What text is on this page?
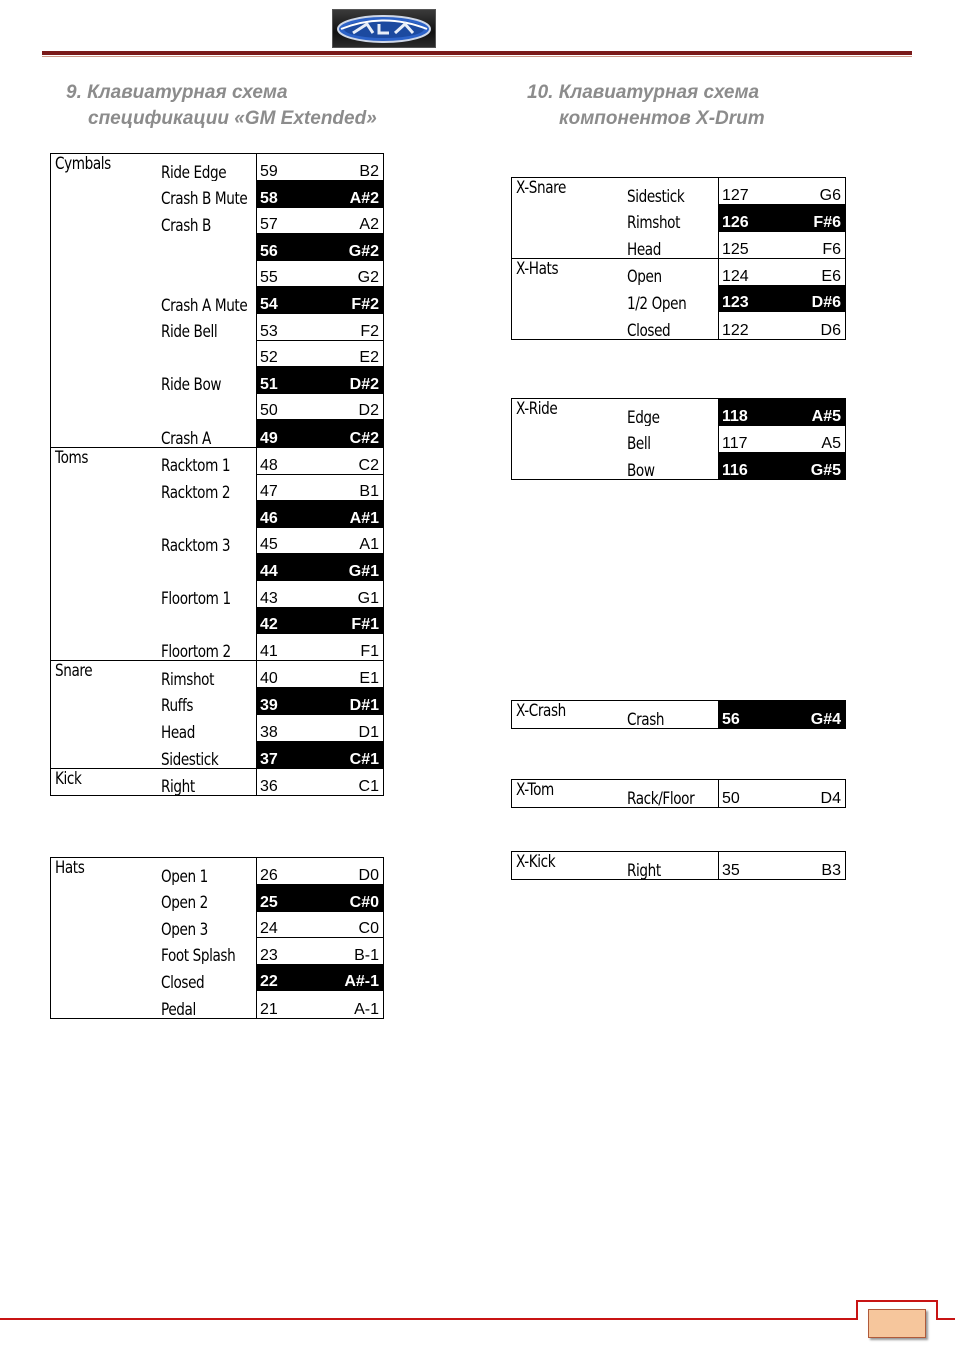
9. Клавиатурная схема
спецификации «GM Extended»
10. Клавиатурная схема
компонентов X-Drum
Cymbals	Ride Edge	59	B2
	Crash B Mute	58	A#2
	Crash B	57	A2
		56	G#2
		55	G2
	Crash A Mute	54	F#2
	Ride Bell	53	F2
		52	E2
	Ride Bow	51	D#2
		50	D2
	Crash A	49	C#2
Toms	Racktom 1	48	C2
	Racktom 2	47	B1
		46	A#1
	Racktom 3	45	A1
		44	G#1
	Floortom 1	43	G1
		42	F#1
	Floortom 2	41	F1
Snare	Rimshot	40	E1
	Ruffs	39	D#1
	Head	38	D1
	Sidestick	37	C#1
Kick	Right	36	C1
Hats	Open 1	26	D0
	Open 2	25	C#0
	Open 3	24	C0
	Foot Splash	23	B-1
	Closed	22	A#-1
	Pedal	21	A-1
X-Snare	Sidestick	127	G6
	Rimshot	126	F#6
	Head	125	F6
X-Hats	Open	124	E6
	1/2 Open	123	D#6
	Closed	122	D6
X-Ride	Edge	118	A#5
	Bell	117	A5
	Bow	116	G#5
X-Crash	Crash	56	G#4
X-Tom	Rack/Floor	50	D4
X-Kick	Right	35	B3
